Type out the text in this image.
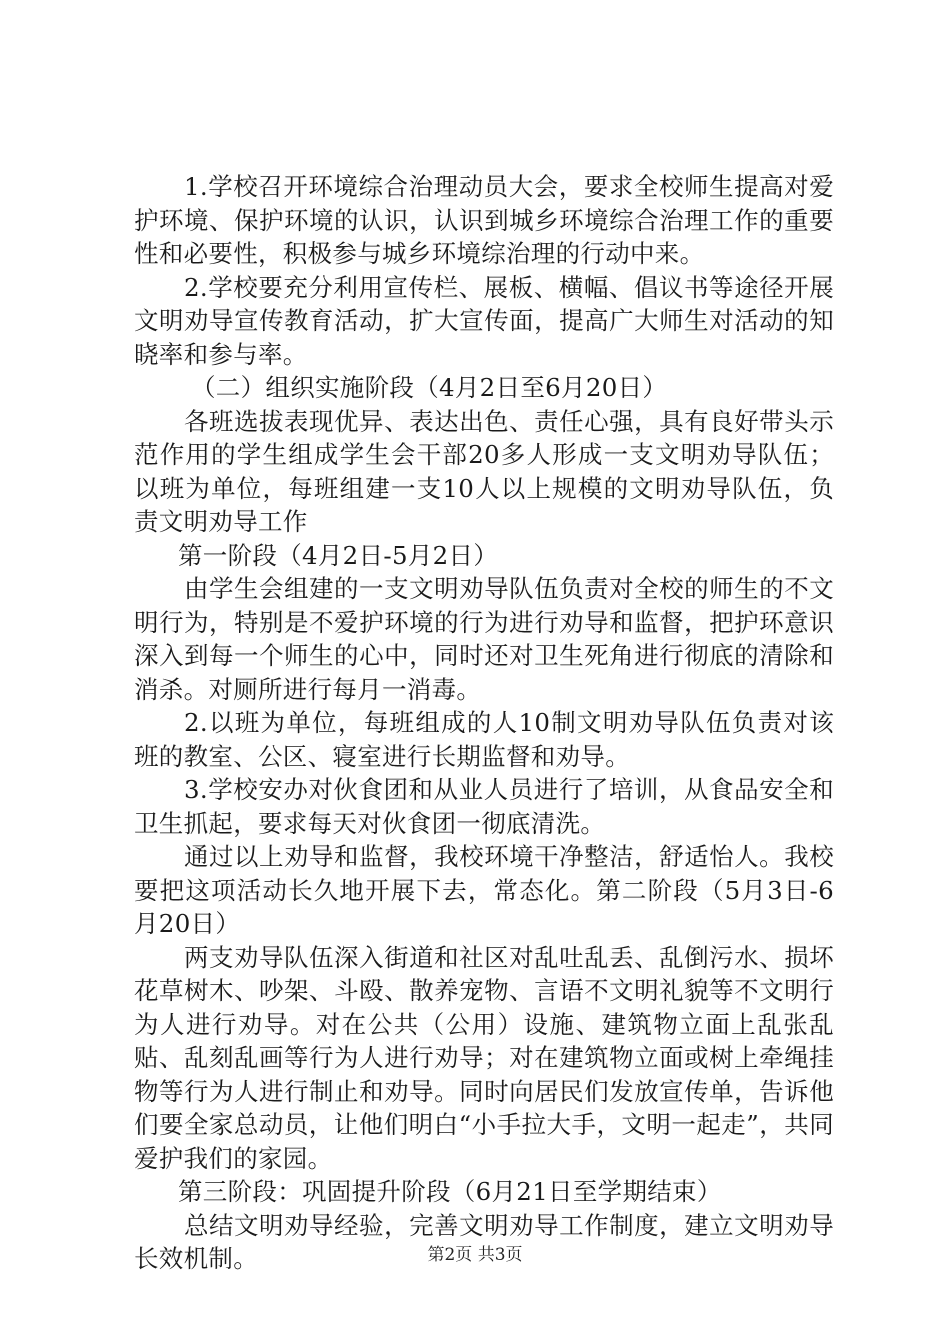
1.学校召开环境综合治理动员大会，要求全校师生提高对爱护环境、保护环境的认识，认识到城乡环境综合治理工作的重要性和必要性，积极参与城乡环境综治理的行动中来。

2.学校要充分利用宣传栏、展板、横幅、倡议书等途径开展文明劝导宣传教育活动，扩大宣传面，提高广大师生对活动的知晓率和参与率。

（二）组织实施阶段（4月2日至6月20日）

各班选拔表现优异、表达出色、责任心强，具有良好带头示范作用的学生组成学生会干部20多人形成一支文明劝导队伍；以班为单位，每班组建一支10人以上规模的文明劝导队伍，负责文明劝导工作

第一阶段（4月2日-5月2日）

由学生会组建的一支文明劝导队伍负责对全校的师生的不文明行为，特别是不爱护环境的行为进行劝导和监督，把护环意识深入到每一个师生的心中，同时还对卫生死角进行彻底的清除和消杀。对厕所进行每月一消毒。

2.以班为单位，每班组成的人10制文明劝导队伍负责对该班的教室、公区、寝室进行长期监督和劝导。

3.学校安办对伙食团和从业人员进行了培训，从食品安全和卫生抓起，要求每天对伙食团一彻底清洗。

通过以上劝导和监督，我校环境干净整洁，舒适怡人。我校要把这项活动长久地开展下去，常态化。第二阶段（5月3日-6月20日）

两支劝导队伍深入街道和社区对乱吐乱丢、乱倒污水、损坏花草树木、吵架、斗殴、散养宠物、言语不文明礼貌等不文明行为人进行劝导。对在公共（公用）设施、建筑物立面上乱张乱贴、乱刻乱画等行为人进行劝导；对在建筑物立面或树上牵绳挂物等行为人进行制止和劝导。同时向居民们发放宣传单，告诉他们要全家总动员，让他们明白“小手拉大手，文明一起走”，共同爱护我们的家园。

第三阶段：巩固提升阶段（6月21日至学期结束）

总结文明劝导经验，完善文明劝导工作制度，建立文明劝导长效机制。	第2页 共3页
